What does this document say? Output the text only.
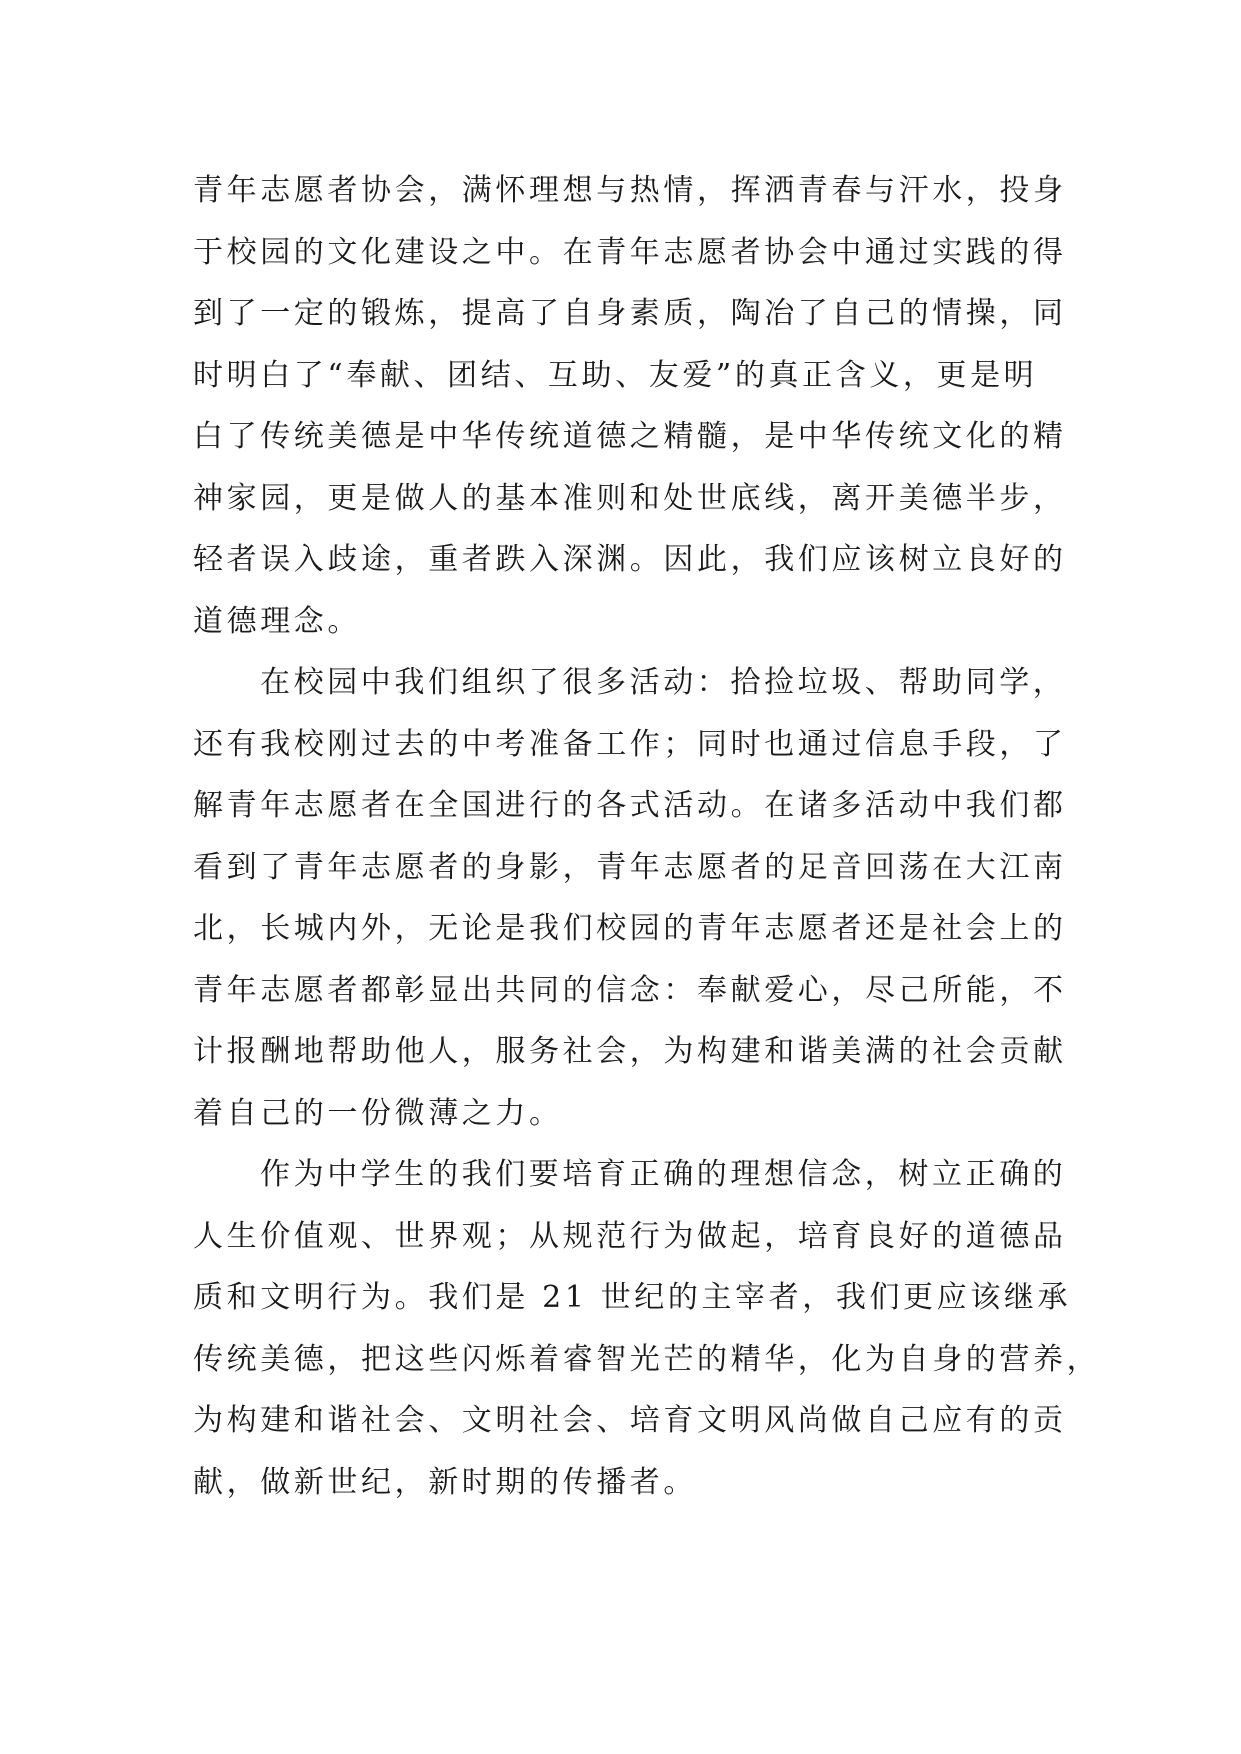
青年志愿者协会，满怀理想与热情，挥洒青春与汗水，投身
于校园的文化建设之中。在青年志愿者协会中通过实践的得
到了一定的锻炼，提高了自身素质，陶冶了自己的情操，同
时明白了“奉献、团结、互助、友爱”的真正含义，更是明
白了传统美德是中华传统道德之精髓，是中华传统文化的精
神家园，更是做人的基本准则和处世底线，离开美德半步，
轻者误入歧途，重者跌入深渊。因此，我们应该树立良好的
道德理念。
在校园中我们组织了很多活动：拾捡垃圾、帮助同学，
还有我校刚过去的中考准备工作；同时也通过信息手段，了
解青年志愿者在全国进行的各式活动。在诸多活动中我们都
看到了青年志愿者的身影，青年志愿者的足音回荡在大江南
北，长城内外，无论是我们校园的青年志愿者还是社会上的
青年志愿者都彰显出共同的信念：奉献爱心，尽己所能，不
计报酬地帮助他人，服务社会，为构建和谐美满的社会贡献
着自己的一份微薄之力。
作为中学生的我们要培育正确的理想信念，树立正确的
人生价值观、世界观；从规范行为做起，培育良好的道德品
质和文明行为。我们是 21 世纪的主宰者，我们更应该继承
传统美德，把这些闪烁着睿智光芒的精华，化为自身的营养，
为构建和谐社会、文明社会、培育文明风尚做自己应有的贡
献，做新世纪，新时期的传播者。
